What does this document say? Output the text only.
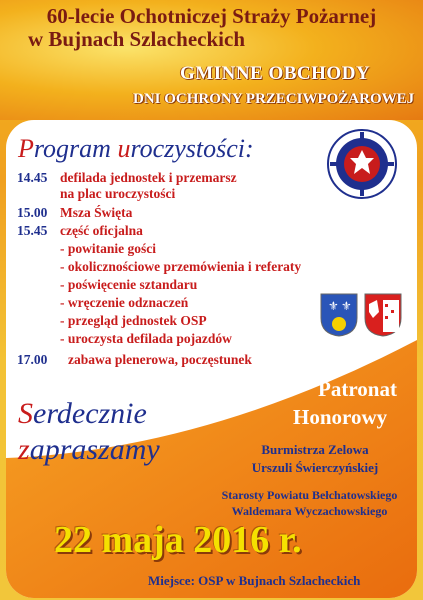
60-lecie Ochotniczej Straży Pożarnej
w Bujnach Szlacheckich
GMINNE OBCHODY
DNI OCHRONY PRZECIWPOŻAROWEJ
Program uroczystości:
14.45 defilada jednostek i przemarsz
na plac uroczystości
15.00 Msza Święta
15.45 część oficjalna
- powitanie gości
- okolicznościowe przemówienia i referaty
- poświęcenie sztandaru
- wręczenie odznaczeń
- przegląd jednostek OSP
- uroczysta defilada pojazdów
17.00 zabawa plenerowa, poczęstunek
⚜ ⚜
Serdecznie
zapraszamy
Patronat
Honorowy
Burmistrza Zelowa
Urszuli Świerczyńskiej
Starosty Powiatu Bełchatowskiego
Waldemara Wyczachowskiego
22 maja 2016 r.
Miejsce: OSP w Bujnach Szlacheckich
